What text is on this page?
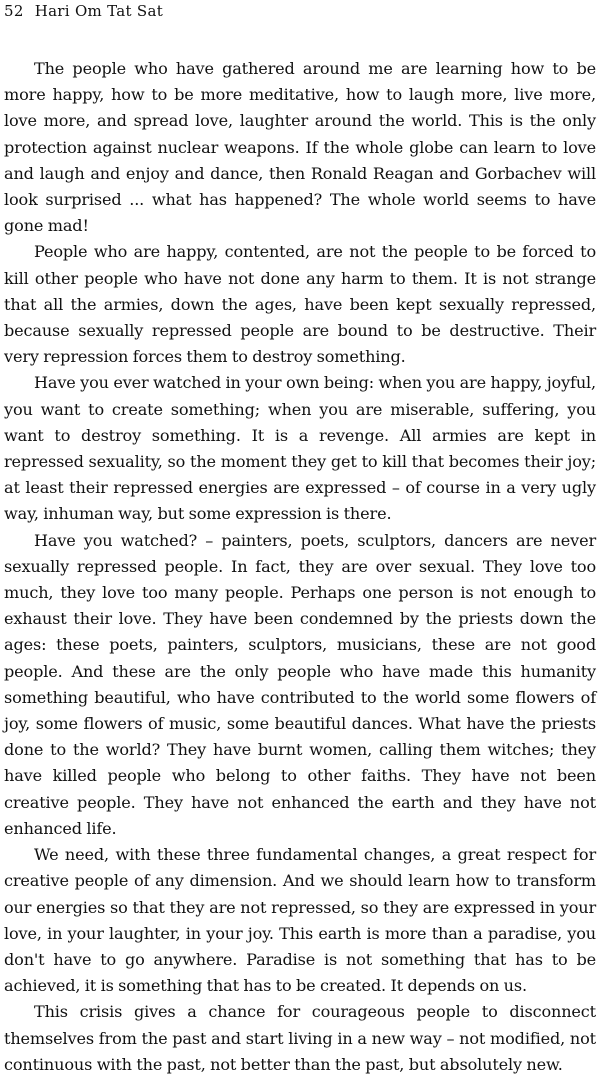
52 Hari Om Tat Sat

The people who have gathered around me are learning how to be more happy, how to be more meditative, how to laugh more, live more, love more, and spread love, laughter around the world. This is the only protection against nuclear weapons. If the whole globe can learn to love and laugh and enjoy and dance, then Ronald Reagan and Gorbachev will look surprised ... what has happened? The whole world seems to have gone mad!

People who are happy, contented, are not the people to be forced to kill other people who have not done any harm to them. It is not strange that all the armies, down the ages, have been kept sexually repressed, because sexually repressed people are bound to be destructive. Their very repression forces them to destroy something.

Have you ever watched in your own being: when you are happy, joyful, you want to create something; when you are miserable, suffering, you want to destroy something. It is a revenge. All armies are kept in repressed sexuality, so the moment they get to kill that becomes their joy; at least their repressed energies are expressed – of course in a very ugly way, inhuman way, but some expression is there.

Have you watched? – painters, poets, sculptors, dancers are never sexually repressed people. In fact, they are over sexual. They love too much, they love too many people. Perhaps one person is not enough to exhaust their love. They have been condemned by the priests down the ages: these poets, painters, sculptors, musicians, these are not good people. And these are the only people who have made this humanity something beautiful, who have contributed to the world some flowers of joy, some flowers of music, some beautiful dances. What have the priests done to the world? They have burnt women, calling them witches; they have killed people who belong to other faiths. They have not been creative people. They have not enhanced the earth and they have not enhanced life.

We need, with these three fundamental changes, a great respect for creative people of any dimension. And we should learn how to transform our energies so that they are not repressed, so they are expressed in your love, in your laughter, in your joy. This earth is more than a paradise, you don't have to go anywhere. Paradise is not something that has to be achieved, it is something that has to be created. It depends on us.

This crisis gives a chance for courageous people to disconnect themselves from the past and start living in a new way – not modified, not continuous with the past, not better than the past, but absolutely new.
